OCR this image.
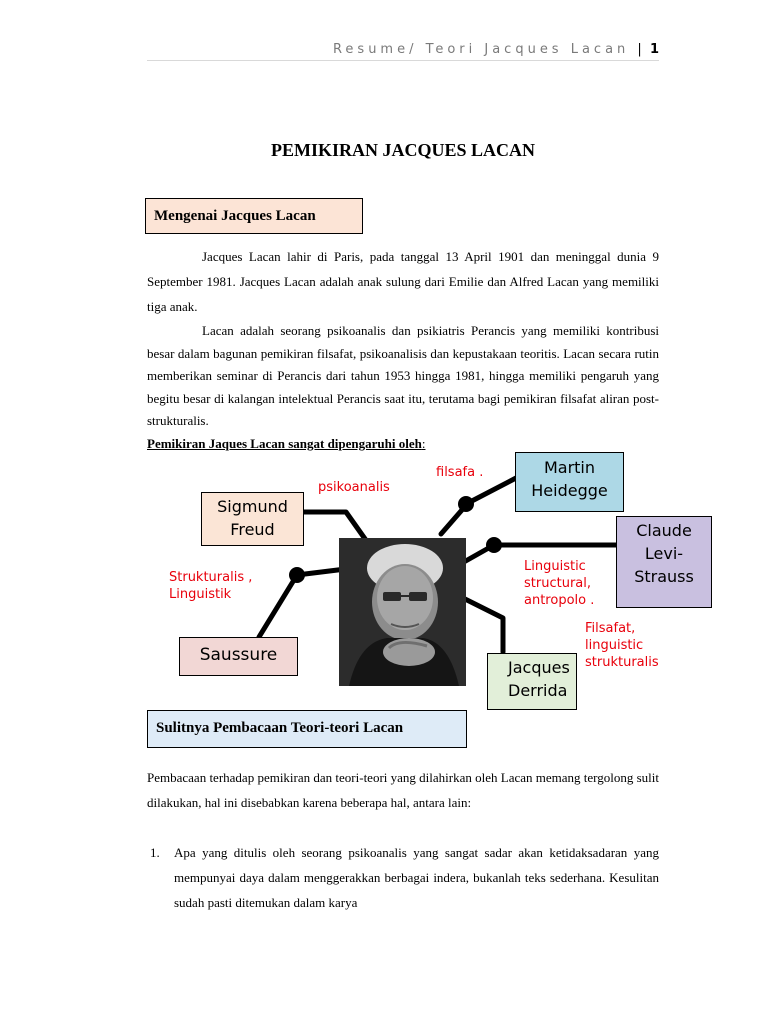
Resume/ Teori Jacques Lacan | 1
PEMIKIRAN JACQUES LACAN
Mengenai Jacques Lacan

Jacques Lacan lahir di Paris, pada tanggal 13 April 1901 dan meninggal dunia 9 September 1981. Jacques Lacan adalah anak sulung dari Emilie dan Alfred Lacan yang memiliki tiga anak.

Lacan adalah seorang psikoanalis dan psikiatris Perancis yang memiliki kontribusi besar dalam bagunan pemikiran filsafat, psikoanalisis dan kepustakaan teoritis. Lacan secara rutin memberikan seminar di Perancis dari tahun 1953 hingga 1981, hingga memiliki pengaruh yang begitu besar di kalangan intelektual Perancis saat itu, terutama bagi pemikiran filsafat aliran post-strukturalis.

Pemikiran Jaques Lacan sangat dipengaruhi oleh:
Sigmund Freud
Martin Heidegge
Claude Levi-Strauss
Saussure
Jacques Derrida
psikoanalis
filsafa .
Strukturalis , Linguistik
Linguistic structural, antropolo .
Filsafat, linguistic strukturalis
Sulitnya Pembacaan Teori-teori Lacan

Pembacaan terhadap pemikiran dan teori-teori yang dilahirkan oleh Lacan memang tergolong sulit dilakukan, hal ini disebabkan karena beberapa hal, antara lain:

1. Apa yang ditulis oleh seorang psikoanalis yang sangat sadar akan ketidaksadaran yang mempunyai daya dalam menggerakkan berbagai indera, bukanlah teks sederhana. Kesulitan sudah pasti ditemukan dalam karya
